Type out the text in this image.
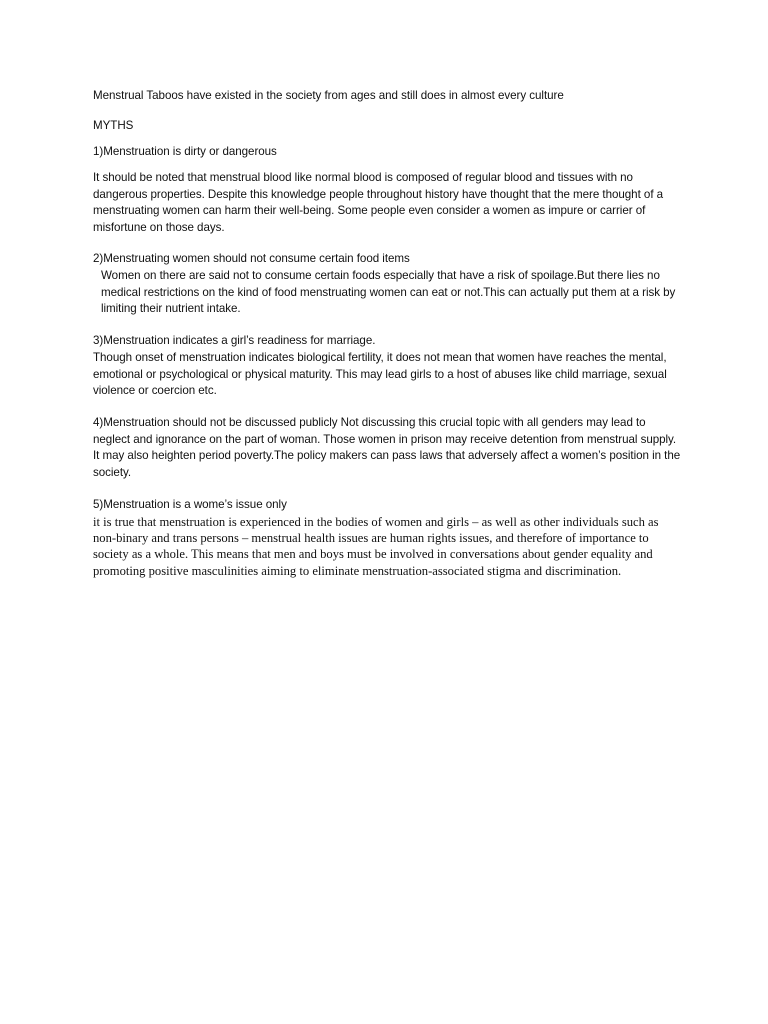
Menstrual Taboos have existed in the society from ages and still does in almost every culture

MYTHS

1)Menstruation is dirty or dangerous

It should be noted that menstrual blood like normal blood is composed of regular blood and tissues with no dangerous properties. Despite this knowledge people throughout history have thought that the mere thought of a menstruating women can harm their well-being. Some people even consider a women as impure or carrier of misfortune on those days.

2)Menstruating women should not consume certain food items

Women on there are said not to consume certain foods especially that have a risk of spoilage.But there lies no medical restrictions on the kind of food menstruating women can eat or not.This can actually put them at a risk by limiting their nutrient intake.

3)Menstruation indicates a girl’s readiness for marriage.

Though onset of menstruation indicates biological fertility, it does not mean that women have reaches the mental, emotional or psychological or physical maturity. This may lead girls to a host of abuses like child marriage, sexual violence or coercion etc.

4)Menstruation should not be discussed publicly Not discussing this crucial topic with all genders may lead to neglect and ignorance on the part of woman. Those women in prison may receive detention from menstrual supply. It may also heighten period poverty.The policy makers can pass laws that adversely affect a women’s position in the society.

5)Menstruation is a wome’s issue only

it is true that menstruation is experienced in the bodies of women and girls – as well as other individuals such as non-binary and trans persons – menstrual health issues are human rights issues, and therefore of importance to society as a whole. This means that men and boys must be involved in conversations about gender equality and promoting positive masculinities aiming to eliminate menstruation-associated stigma and discrimination.
